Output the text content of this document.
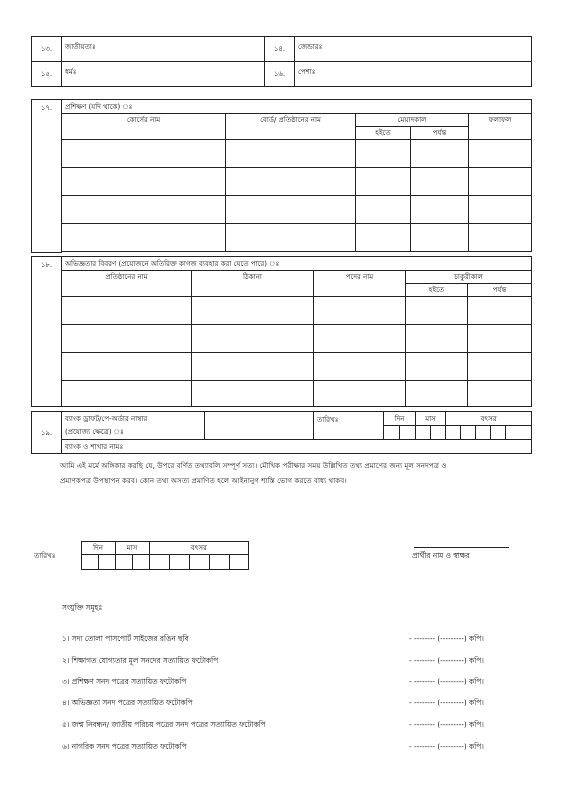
১৩.	জাতীয়তাঃ	১৪.	জেন্ডারঃ
১৫.	ধর্মঃ	১৬.	পেশাঃ
১৭.	প্রশিক্ষণ (যদি থাকে) ঃ				
	কোর্সের নাম	বোর্ড/ প্রতিষ্ঠানের নাম	মেয়াদকাল		ফলাফল
			হইতে	পর্যন্ত	

১৮.	অভিজ্ঞতার বিবরণ (প্রয়োজনে অতিরিক্ত কাগজ ব্যবহার করা যেতে পারে) ঃ				
	প্রতিষ্ঠানের নাম	ঠিকানা	পদের নাম	চাকুরীকাল	
				হইতে	পর্যন্ত

১৯.	ব্যাংক ড্রাফট/পে-অর্ডার নাম্বার		তারিখঃ	দিন		মাস		বৎসর				
	(প্রযোজ্য ক্ষেত্রে) ঃ											
	ব্যাংক ও শাখার নামঃ											
আমি এই মর্মে অঙ্গিকার করছি যে, উপরে বর্ণিত তথ্যাবলি সম্পূর্ণ সত্য। মৌখিক পরীক্ষার সময় উল্লিখিত তথ্য প্রমাণের জন্য মূল সনদপত্র ও
প্রমাণকপত্র উপস্থাপন করব। কোন তথ্য অসত্য প্রমাণিত হলে আইনানুগ শাস্তি ভোগ করতে বাধ্য থাকব।
তারিখঃ	দিন		মাস		বৎসর				

প্রার্থীর নাম ও স্বাক্ষর
সংযুক্তি সমূহঃ
১। সদ্য তোলা পাসপোর্ট সাইজের রঙিন ছবি	- -------- (---------) কপি।
২। শিক্ষাগত যোগ্যতার মূল সনদের সত্যায়িত ফটোকপি	- -------- (---------) কপি।
৩। প্রশিক্ষণ সনদ পত্রের সত্যায়িত ফটোকপি	- -------- (---------) কপি।
৪। অভিজ্ঞতা সনদ পত্রের সত্যায়িত ফটোকপি	- -------- (---------) কপি।
৫। জন্ম নিবন্ধন/ জাতীয় পরিচয় পত্রের সনদ পত্রের সত্যায়িত ফটোকপি	- -------- (---------) কপি।
৬। নাগরিক সনদ পত্রের সত্যায়িত ফটোকপি	- -------- (---------) কপি।
